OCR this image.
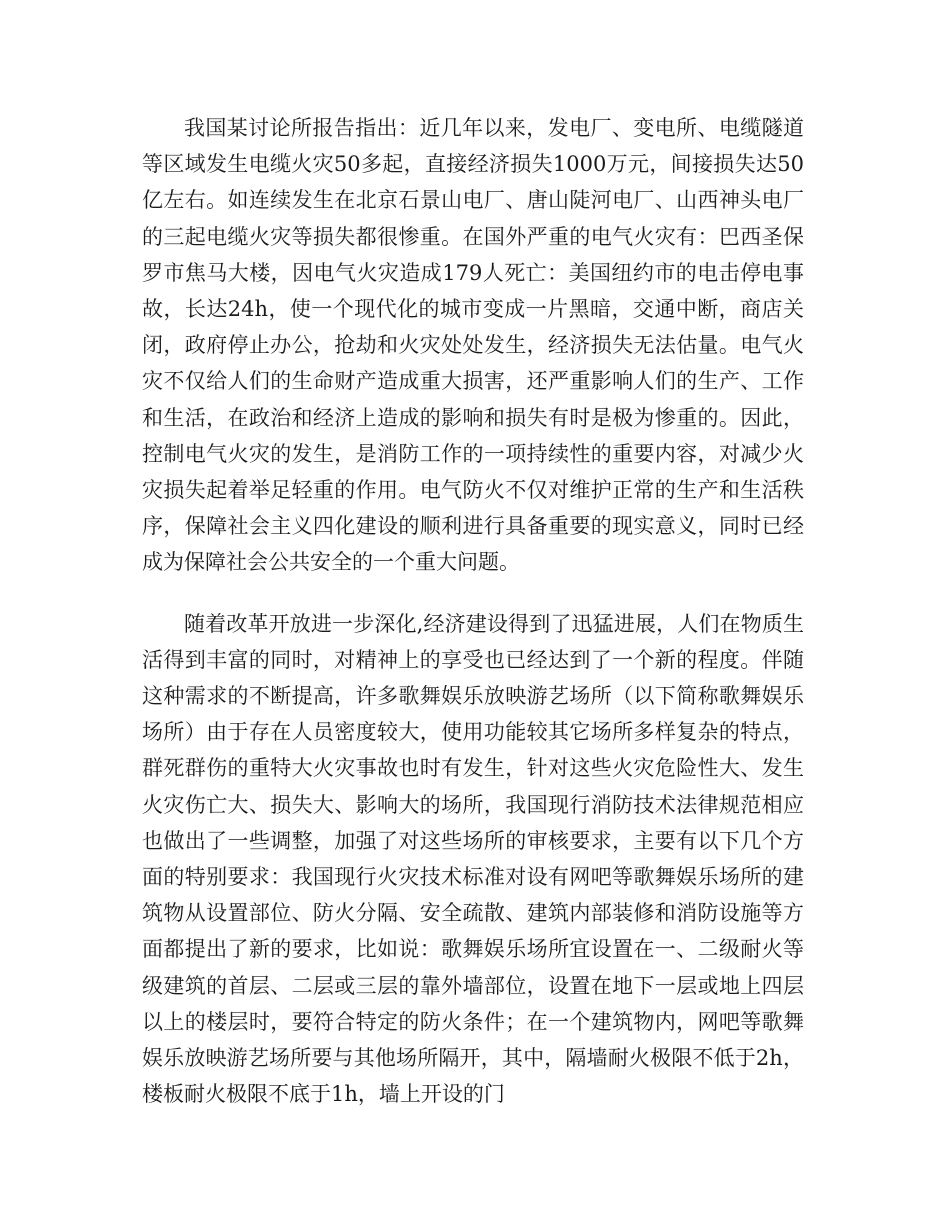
我国某讨论所报告指出：近几年以来，发电厂、变电所、电缆隧道等区域发生电缆火灾50多起，直接经济损失1000万元，间接损失达50亿左右。如连续发生在北京石景山电厂、唐山陡河电厂、山西神头电厂的三起电缆火灾等损失都很惨重。在国外严重的电气火灾有：巴西圣保罗市焦马大楼，因电气火灾造成179人死亡：美国纽约市的电击停电事故，长达24h，使一个现代化的城市变成一片黑暗，交通中断，商店关闭，政府停止办公，抢劫和火灾处处发生，经济损失无法估量。电气火灾不仅给人们的生命财产造成重大损害，还严重影响人们的生产、工作和生活，在政治和经济上造成的影响和损失有时是极为惨重的。因此，控制电气火灾的发生，是消防工作的一项持续性的重要内容，对减少火灾损失起着举足轻重的作用。电气防火不仅对维护正常的生产和生活秩序，保障社会主义四化建设的顺利进行具备重要的现实意义，同时已经成为保障社会公共安全的一个重大问题。

随着改革开放进一步深化,经济建设得到了迅猛进展，人们在物质生活得到丰富的同时，对精神上的享受也已经达到了一个新的程度。伴随这种需求的不断提高，许多歌舞娱乐放映游艺场所（以下简称歌舞娱乐场所）由于存在人员密度较大，使用功能较其它场所多样复杂的特点，群死群伤的重特大火灾事故也时有发生，针对这些火灾危险性大、发生火灾伤亡大、损失大、影响大的场所，我国现行消防技术法律规范相应也做出了一些调整，加强了对这些场所的审核要求，主要有以下几个方面的特别要求：我国现行火灾技术标准对设有网吧等歌舞娱乐场所的建筑物从设置部位、防火分隔、安全疏散、建筑内部装修和消防设施等方面都提出了新的要求，比如说：歌舞娱乐场所宜设置在一、二级耐火等级建筑的首层、二层或三层的靠外墙部位，设置在地下一层或地上四层以上的楼层时，要符合特定的防火条件；在一个建筑物内，网吧等歌舞娱乐放映游艺场所要与其他场所隔开，其中，隔墙耐火极限不低于2h，楼板耐火极限不底于1h，墙上开设的门
